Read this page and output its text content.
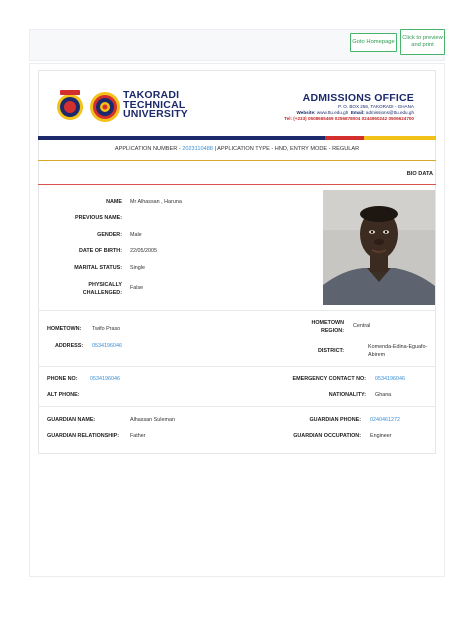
Goto Homepage
Click to preview and print
TAKORADI
TECHNICAL
UNIVERSITY
ADMISSIONS OFFICE
P. O. BOX 256, TAKORADI - GHANA
Website: www.ttu.edu.gh Email: admissions@ttu.edu.gh
Tel: (+233) 0508665469 0256878004 0244950242 0506624700
APPLICATION NUMBER - 2023110488 | APPLICATION TYPE - HND, ENTRY MODE - REGULAR
BIO DATA
NAME Mr Alhassan , Haruna
PREVIOUS NAME:
GENDER: Male
DATE OF BIRTH: 22/05/2005
MARITAL STATUS: Single
PHYSICALLY
CHALLENGED:
False
HOMETOWN: Twifo Praso
HOMETOWN
REGION:
Central
ADDRESS: 0534196046
DISTRICT:
Komenda-Edina-Eguafo-
Abirem
PHONE NO: 0534196046	EMERGENCY CONTACT NO: 0534196046
ALT PHONE:	NATIONALITY: Ghana
GUARDIAN NAME:	Alhassan Suleman	GUARDIAN PHONE: 0240461272
GUARDIAN RELATIONSHIP: Father	GUARDIAN OCCUPATION: Engineer
